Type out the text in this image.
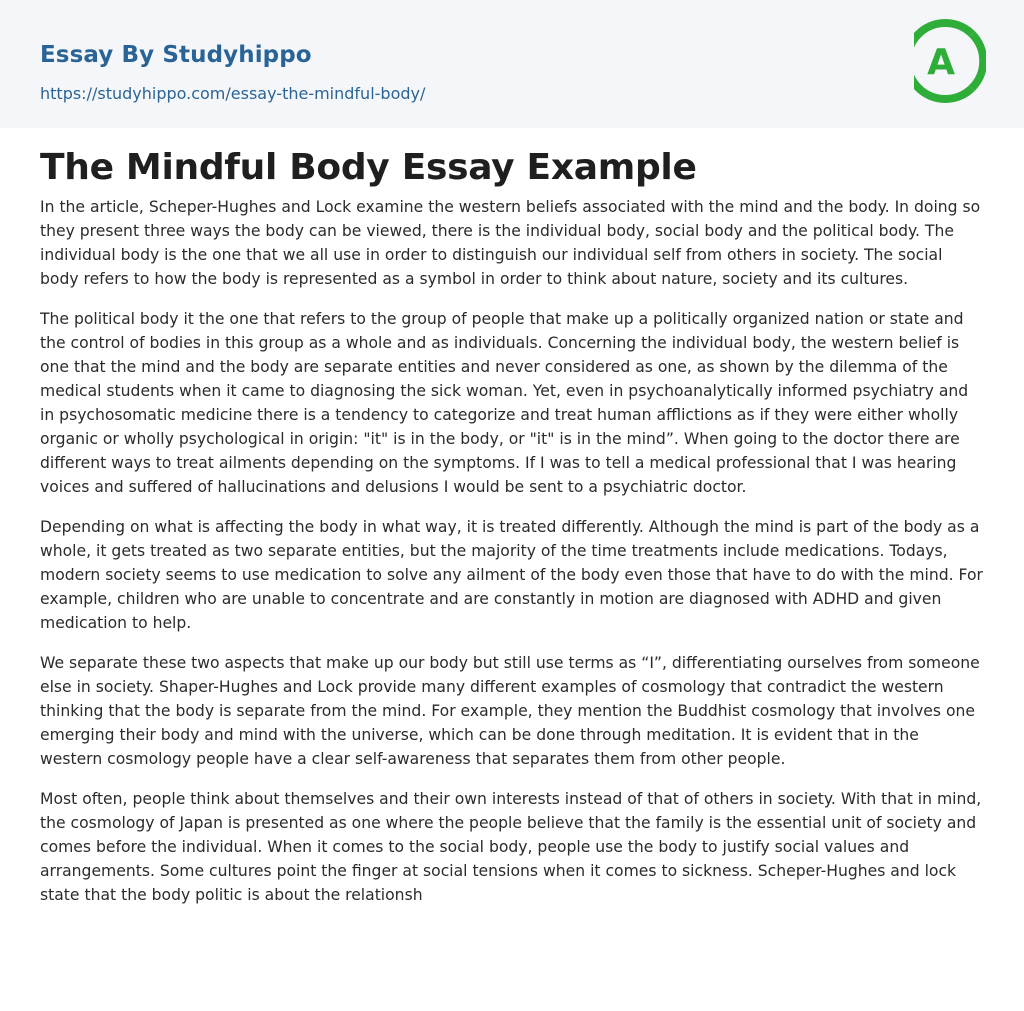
Essay By Studyhippo
https://studyhippo.com/essay-the-mindful-body/
A
The Mindful Body Essay Example

In the article, Scheper-Hughes and Lock examine the western beliefs associated with the mind and the body. In doing so they present three ways the body can be viewed, there is the individual body, social body and the political body. The individual body is the one that we all use in order to distinguish our individual self from others in society. The social body refers to how the body is represented as a symbol in order to think about nature, society and its cultures.

The political body it the one that refers to the group of people that make up a politically organized nation or state and the control of bodies in this group as a whole and as individuals. Concerning the individual body, the western belief is one that the mind and the body are separate entities and never considered as one, as shown by the dilemma of the medical students when it came to diagnosing the sick woman. Yet, even in psychoanalytically informed psychiatry and in psychosomatic medicine there is a tendency to categorize and treat human afflictions as if they were either wholly organic or wholly psychological in origin: "it" is in the body, or "it" is in the mind”. When going to the doctor there are different ways to treat ailments depending on the symptoms. If I was to tell a medical professional that I was hearing voices and suffered of hallucinations and delusions I would be sent to a psychiatric doctor.

Depending on what is affecting the body in what way, it is treated differently. Although the mind is part of the body as a whole, it gets treated as two separate entities, but the majority of the time treatments include medications. Todays, modern society seems to use medication to solve any ailment of the body even those that have to do with the mind. For example, children who are unable to concentrate and are constantly in motion are diagnosed with ADHD and given medication to help.

We separate these two aspects that make up our body but still use terms as “I”, differentiating ourselves from someone else in society. Shaper-Hughes and Lock provide many different examples of cosmology that contradict the western thinking that the body is separate from the mind. For example, they mention the Buddhist cosmology that involves one emerging their body and mind with the universe, which can be done through meditation. It is evident that in the western cosmology people have a clear self-awareness that separates them from other people.

Most often, people think about themselves and their own interests instead of that of others in society. With that in mind, the cosmology of Japan is presented as one where the people believe that the family is the essential unit of society and comes before the individual. When it comes to the social body, people use the body to justify social values and arrangements. Some cultures point the finger at social tensions when it comes to sickness. Scheper-Hughes and lock state that the body politic is about the relationsh
